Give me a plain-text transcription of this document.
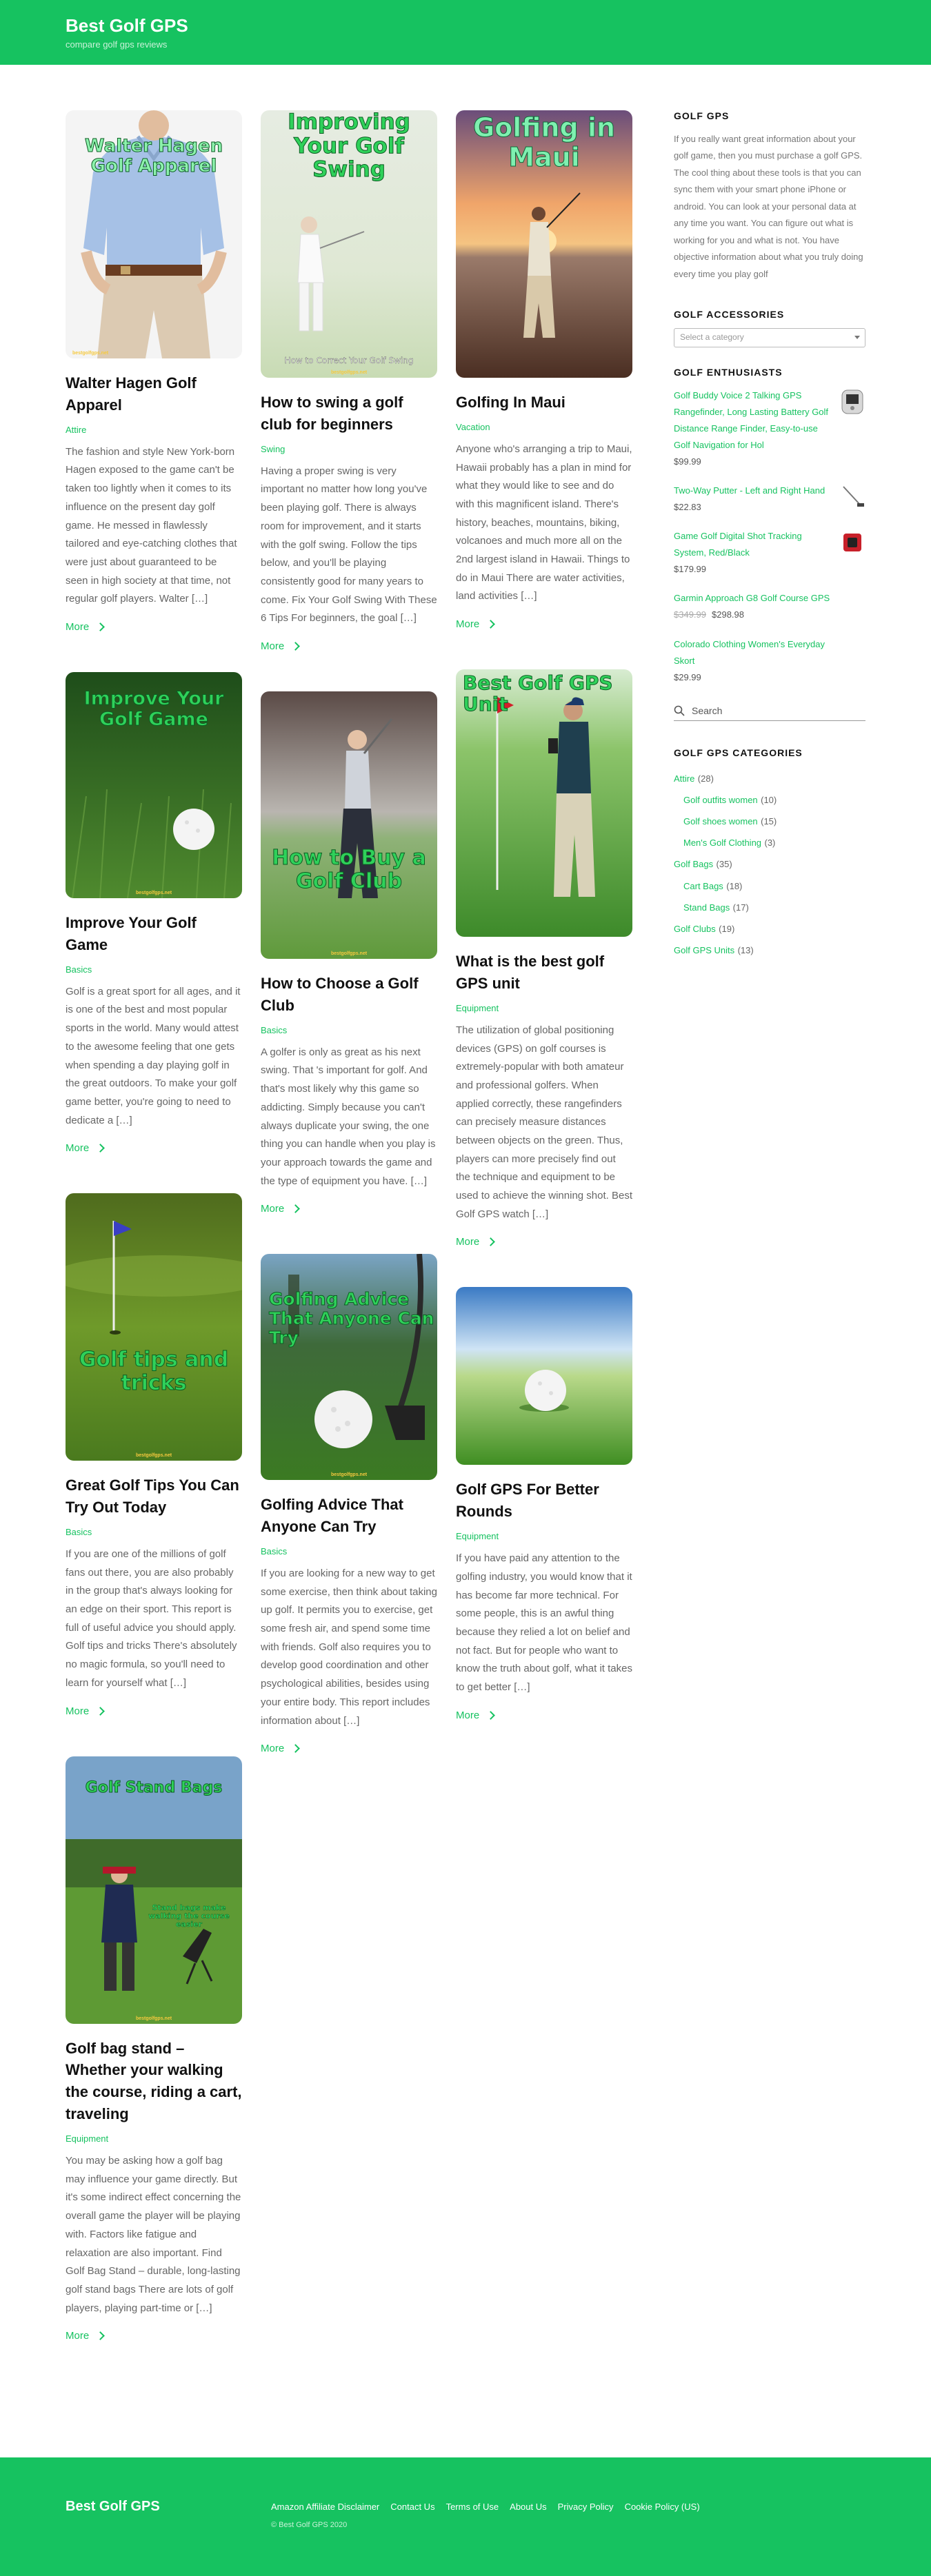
Best Golf GPS
compare golf gps reviews
Walter Hagen Golf Apparel
bestgolfgps.net
Walter Hagen Golf Apparel
Attire

The fashion and style New York-born Hagen exposed to the game can't be taken too lightly when it comes to its influence on the present day golf game. He messed in flawlessly tailored and eye-catching clothes that were just about guaranteed to be seen in high society at that time, not regular golf players. Walter […]

More
Improve Your Golf Game
bestgolfgps.net
Improve Your Golf Game
Basics

Golf is a great sport for all ages, and it is one of the best and most popular sports in the world. Many would attest to the awesome feeling that one gets when spending a day playing golf in the great outdoors. To make your golf game better, you're going to need to dedicate a […]

More
Golf tips and tricks
bestgolfgps.net
Great Golf Tips You Can Try Out Today
Basics

If you are one of the millions of golf fans out there, you are also probably in the group that's always looking for an edge on their sport. This report is full of useful advice you should apply. Golf tips and tricks There's absolutely no magic formula, so you'll need to learn for yourself what […]

More
Golf Stand Bags
Stand bags make walking the course easier
bestgolfgps.net
Golf bag stand – Whether your walking the course, riding a cart, traveling
Equipment

You may be asking how a golf bag may influence your game directly. But it's some indirect effect concerning the overall game the player will be playing with. Factors like fatigue and relaxation are also important. Find Golf Bag Stand – durable, long-lasting golf stand bags There are lots of golf players, playing part-time or […]

More
Improving Your Golf Swing
How to Correct Your Golf Swing
bestgolfgps.net
How to swing a golf club for beginners
Swing

Having a proper swing is very important no matter how long you've been playing golf. There is always room for improvement, and it starts with the golf swing. Follow the tips below, and you'll be playing consistently good for many years to come. Fix Your Golf Swing With These 6 Tips For beginners, the goal […]

More
How to Buy a Golf Club
bestgolfgps.net
How to Choose a Golf Club
Basics

A golfer is only as great as his next swing. That 's important for golf. And that's most likely why this game so addicting. Simply because you can't always duplicate your swing, the one thing you can handle when you play is your approach towards the game and the type of equipment you have. […]

More
Golfing Advice That Anyone Can Try
bestgolfgps.net
Golfing Advice That Anyone Can Try
Basics

If you are looking for a new way to get some exercise, then think about taking up golf. It permits you to exercise, get some fresh air, and spend some time with friends. Golf also requires you to develop good coordination and other psychological abilities, besides using your entire body. This report includes information about […]

More
Golfing in Maui
Golfing In Maui
Vacation

Anyone who's arranging a trip to Maui, Hawaii probably has a plan in mind for what they would like to see and do with this magnificent island. There's history, beaches, mountains, biking, volcanoes and much more all on the 2nd largest island in Hawaii. Things to do in Maui There are water activities, land activities […]

More
Best Golf GPS Unit
What is the best golf GPS unit
Equipment

The utilization of global positioning devices (GPS) on golf courses is extremely-popular with both amateur and professional golfers. When applied correctly, these rangefinders can precisely measure distances between objects on the green. Thus, players can more precisely find out the technique and equipment to be used to achieve the winning shot. Best Golf GPS watch […]

More
Golf GPS For Better Rounds
Equipment

If you have paid any attention to the golfing industry, you would know that it has become far more technical. For some people, this is an awful thing because they relied a lot on belief and not fact. But for people who want to know the truth about golf, what it takes to get better […]

More
GOLF GPS

If you really want great information about your golf game, then you must purchase a golf GPS. The cool thing about these tools is that you can sync them with your smart phone iPhone or android. You can look at your personal data at any time you want. You can figure out what is working for you and what is not. You have objective information about what you truly doing every time you play golf

GOLF ACCESSORIES
Select a category
GOLF ENTHUSIASTS
Golf Buddy Voice 2 Talking GPS Rangefinder, Long Lasting Battery Golf Distance Range Finder, Easy-to-use Golf Navigation for Hol
$99.99
Two-Way Putter - Left and Right Hand
$22.83
Game Golf Digital Shot Tracking System, Red/Black
$179.99
Garmin Approach G8 Golf Course GPS
$349.99 $298.98
Colorado Clothing Women's Everyday Skort
$29.99
Search
GOLF GPS CATEGORIES
Attire (28)
Golf outfits women (10)
Golf shoes women (15)
Men's Golf Clothing (3)
Golf Bags (35)
Cart Bags (18)
Stand Bags (17)
Golf Clubs (19)
Golf GPS Units (13)
Best Golf GPS	Amazon Affiliate Disclaimer Contact Us Terms of Use About Us Privacy Policy Cookie Policy (US)
© Best Golf GPS 2020
